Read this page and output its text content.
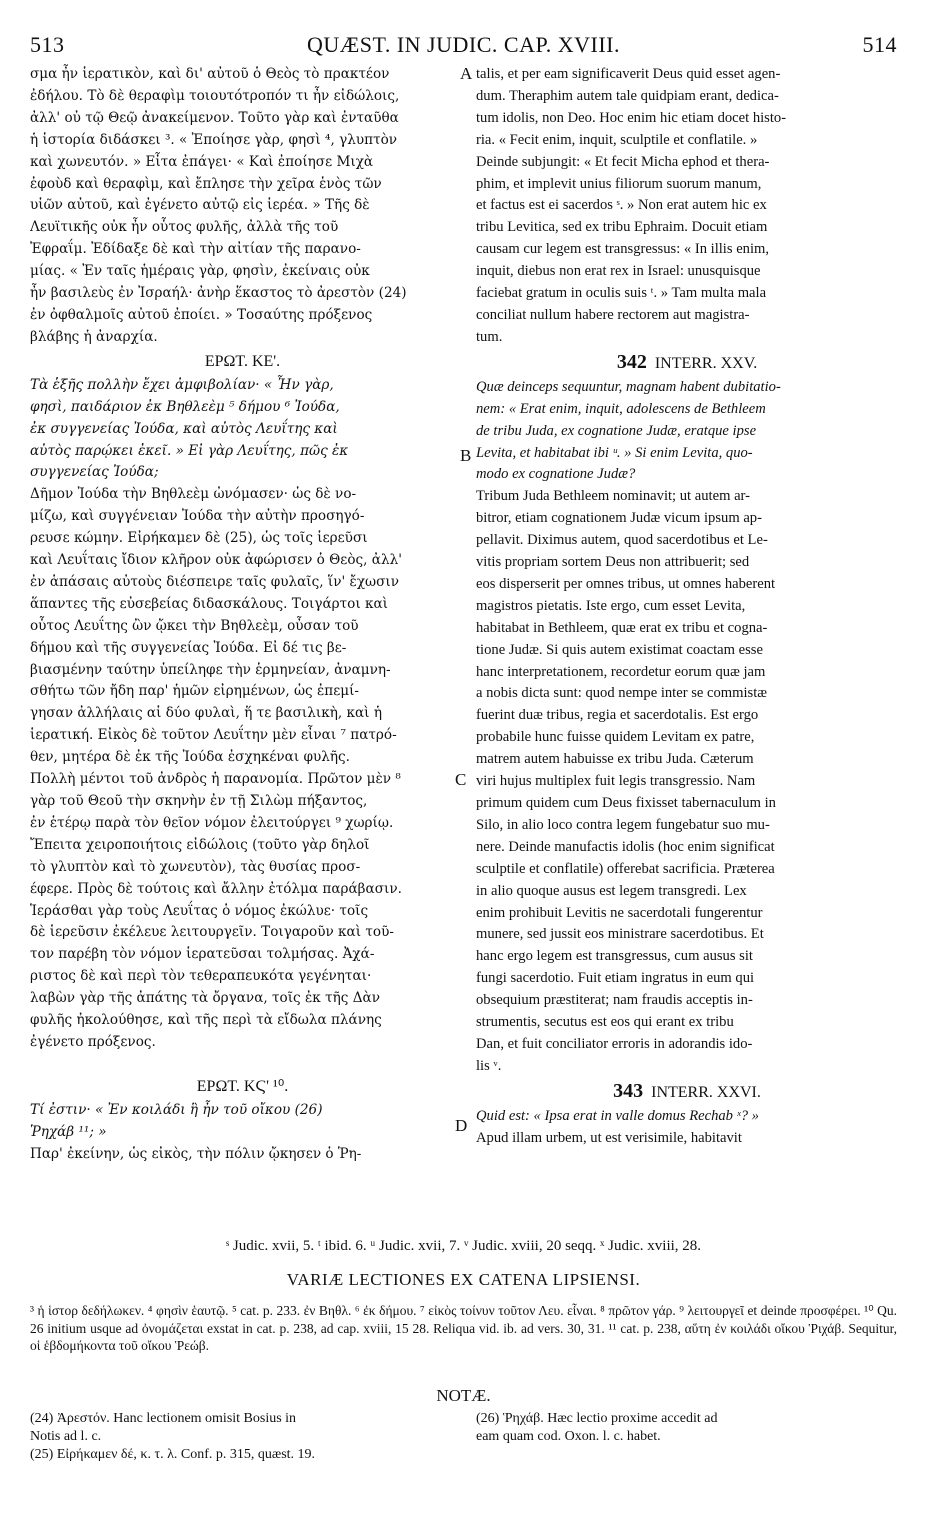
513	QUÆST. IN JUDIC. CAP. XVIII.	514
A
B
C
D

σμα ἦν ἱερατικὸν, καὶ δι' αὐτοῦ ὁ Θεὸς τὸ πρακτέον
ἐδήλου. Τὸ δὲ θεραφὶμ τοιουτότροπόν τι ἦν εἰδώλοις,
ἀλλ' οὐ τῷ Θεῷ ἀνακείμενον. Τοῦτο γὰρ καὶ ἐνταῦθα
ἡ ἱστορία διδάσκει ³. « Ἐποίησε γὰρ, φησὶ ⁴, γλυπτὸν
καὶ χωνευτόν. » Εἶτα ἐπάγει· « Καὶ ἐποίησε Μιχὰ
ἐφοὺδ καὶ θεραφὶμ, καὶ ἔπλησε τὴν χεῖρα ἑνὸς τῶν
υἱῶν αὐτοῦ, καὶ ἐγένετο αὐτῷ εἰς ἱερέα. » Τῆς δὲ
Λευϊτικῆς οὐκ ἦν οὗτος φυλῆς, ἀλλὰ τῆς τοῦ
Ἐφραΐμ. Ἐδίδαξε δὲ καὶ τὴν αἰτίαν τῆς παρανο-
μίας. « Ἐν ταῖς ἡμέραις γὰρ, φησὶν, ἐκείναις οὐκ
ἦν βασιλεὺς ἐν Ἰσραήλ· ἀνὴρ ἕκαστος τὸ ἀρεστὸν (24)
ἐν ὀφθαλμοῖς αὐτοῦ ἐποίει. » Τοσαύτης πρόξενος
βλάβης ἡ ἀναρχία.

ΕΡΩΤ. ΚΕ'.

Τὰ ἑξῆς πολλὴν ἔχει ἀμφιβολίαν· « Ἦν γὰρ,
φησὶ, παιδάριον ἐκ Βηθλεὲμ ⁵ δήμου ⁶ Ἰούδα,
ἐκ συγγενείας Ἰούδα, καὶ αὐτὸς Λευΐτης καὶ
αὐτὸς παρῴκει ἐκεῖ. » Εἰ γὰρ Λευΐτης, πῶς ἐκ
συγγενείας Ἰούδα;

Δῆμον Ἰούδα τὴν Βηθλεὲμ ὠνόμασεν· ὡς δὲ νο-
μίζω, καὶ συγγένειαν Ἰούδα τὴν αὐτὴν προσηγό-
ρευσε κώμην. Εἰρήκαμεν δὲ (25), ὡς τοῖς ἱερεῦσι
καὶ Λευΐταις ἴδιον κλῆρον οὐκ ἀφώρισεν ὁ Θεὸς, ἀλλ'
ἐν ἁπάσαις αὐτοὺς διέσπειρε ταῖς φυλαῖς, ἵν' ἔχωσιν
ἅπαντες τῆς εὐσεβείας διδασκάλους. Τοιγάρτοι καὶ
οὗτος Λευΐτης ὢν ᾤκει τὴν Βηθλεὲμ, οὖσαν τοῦ
δήμου καὶ τῆς συγγενείας Ἰούδα. Εἰ δέ τις βε-
βιασμένην ταύτην ὑπείληφε τὴν ἑρμηνείαν, ἀναμνη-
σθήτω τῶν ἤδη παρ' ἡμῶν εἰρημένων, ὡς ἐπεμί-
γησαν ἀλλήλαις αἱ δύο φυλαὶ, ἥ τε βασιλικὴ, καὶ ἡ
ἱερατική. Εἰκὸς δὲ τοῦτον Λευΐτην μὲν εἶναι ⁷ πατρό-
θεν, μητέρα δὲ ἐκ τῆς Ἰούδα ἐσχηκέναι φυλῆς.
Πολλὴ μέντοι τοῦ ἀνδρὸς ἡ παρανομία. Πρῶτον μὲν ⁸
γὰρ τοῦ Θεοῦ τὴν σκηνὴν ἐν τῇ Σιλὼμ πήξαντος,
ἐν ἑτέρῳ παρὰ τὸν θεῖον νόμον ἐλειτούργει ⁹ χωρίῳ.
Ἔπειτα χειροποιήτοις εἰδώλοις (τοῦτο γὰρ δηλοῖ
τὸ γλυπτὸν καὶ τὸ χωνευτὸν), τὰς θυσίας προσ-
έφερε. Πρὸς δὲ τούτοις καὶ ἄλλην ἐτόλμα παράβασιν.
Ἱεράσθαι γὰρ τοὺς Λευΐτας ὁ νόμος ἐκώλυε· τοῖς
δὲ ἱερεῦσιν ἐκέλευε λειτουργεῖν. Τοιγαροῦν καὶ τοῦ-
τον παρέβη τὸν νόμον ἱερατεῦσαι τολμήσας. Ἀχά-
ριστος δὲ καὶ περὶ τὸν τεθεραπευκότα γεγένηται·
λαβὼν γὰρ τῆς ἀπάτης τὰ ὄργανα, τοῖς ἐκ τῆς Δὰν
φυλῆς ἠκολούθησε, καὶ τῆς περὶ τὰ εἴδωλα πλάνης
ἐγένετο πρόξενος.

ΕΡΩΤ. ΚϚ' ¹⁰.

Τί ἐστιν· « Ἐν κοιλάδι ἣ ἦν τοῦ οἴκου (26)
Ῥηχάβ ¹¹; »

Παρ' ἐκείνην, ὡς εἰκὸς, τὴν πόλιν ᾤκησεν ὁ Ῥη-

talis, et per eam significaverit Deus quid esset agen-
dum. Theraphim autem tale quidpiam erant, dedica-
tum idolis, non Deo. Hoc enim hic etiam docet histo-
ria. « Fecit enim, inquit, sculptile et conflatile. »
Deinde subjungit: « Et fecit Micha ephod et thera-
phim, et implevit unius filiorum suorum manum,
et factus est ei sacerdos ˢ. » Non erat autem hic ex
tribu Levitica, sed ex tribu Ephraim. Docuit etiam
causam cur legem est transgressus: « In illis enim,
inquit, diebus non erat rex in Israel: unusquisque
faciebat gratum in oculis suis ᵗ. » Tam multa mala
conciliat nullum habere rectorem aut magistra-
tum.

342 INTERR. XXV.

Quæ deinceps sequuntur, magnam habent dubitatio-
nem: « Erat enim, inquit, adolescens de Bethleem
de tribu Juda, ex cognatione Judæ, eratque ipse
Levita, et habitabat ibi ᵘ. » Si enim Levita, quo-
modo ex cognatione Judæ?

Tribum Juda Bethleem nominavit; ut autem ar-
bitror, etiam cognationem Judæ vicum ipsum ap-
pellavit. Diximus autem, quod sacerdotibus et Le-
vitis propriam sortem Deus non attribuerit; sed
eos disperserit per omnes tribus, ut omnes haberent
magistros pietatis. Iste ergo, cum esset Levita,
habitabat in Bethleem, quæ erat ex tribu et cogna-
tione Judæ. Si quis autem existimat coactam esse
hanc interpretationem, recordetur eorum quæ jam
a nobis dicta sunt: quod nempe inter se commistæ
fuerint duæ tribus, regia et sacerdotalis. Est ergo
probabile hunc fuisse quidem Levitam ex patre,
matrem autem habuisse ex tribu Juda. Cæterum
viri hujus multiplex fuit legis transgressio. Nam
primum quidem cum Deus fixisset tabernaculum in
Silo, in alio loco contra legem fungebatur suo mu-
nere. Deinde manufactis idolis (hoc enim significat
sculptile et conflatile) offerebat sacrificia. Præterea
in alio quoque ausus est legem transgredi. Lex
enim prohibuit Levitis ne sacerdotali fungerentur
munere, sed jussit eos ministrare sacerdotibus. Et
hanc ergo legem est transgressus, cum ausus sit
fungi sacerdotio. Fuit etiam ingratus in eum qui
obsequium præstiterat; nam fraudis acceptis in-
strumentis, secutus est eos qui erant ex tribu
Dan, et fuit conciliator erroris in adorandis ido-
lis ᵛ.

343 INTERR. XXVI.

Quid est: « Ipsa erat in valle domus Rechab ˣ? »

Apud illam urbem, ut est verisimile, habitavit

ˢ Judic. xvii, 5. ᵗ ibid. 6. ᵘ Judic. xvii, 7. ᵛ Judic. xviii, 20 seqq. ˣ Judic. xviii, 28.
VARIÆ LECTIONES EX CATENA LIPSIENSI.
³ ἡ ἱστορ δεδήλωκεν. ⁴ φησὶν ἑαυτῷ. ⁵ cat. p. 233. ἐν Βηθλ. ⁶ ἐκ δήμου. ⁷ εἰκὸς τοίνυν τοῦτον Λευ. εἶναι. ⁸ πρῶτον γάρ. ⁹ λειτουργεῖ et deinde προσφέρει. ¹⁰ Qu. 26 initium usque ad ὀνομάζεται exstat in cat. p. 238, ad cap. xviii, 15 28. Reliqua vid. ib. ad vers. 30, 31. ¹¹ cat. p. 238, αὕτη ἐν κοιλάδι οἴκου Ῥιχάβ. Sequitur, οἱ ἑβδομήκοντα τοῦ οἴκου Ῥεώβ.
NOTÆ.
(24) Ἀρεστόν. Hanc lectionem omisit Bosius in
Notis ad l. c.
(25) Εἰρήκαμεν δέ, κ. τ. λ. Conf. p. 315, quæst. 19.
(26) Ῥηχάβ. Hæc lectio proxime accedit ad
eam quam cod. Oxon. l. c. habet.
